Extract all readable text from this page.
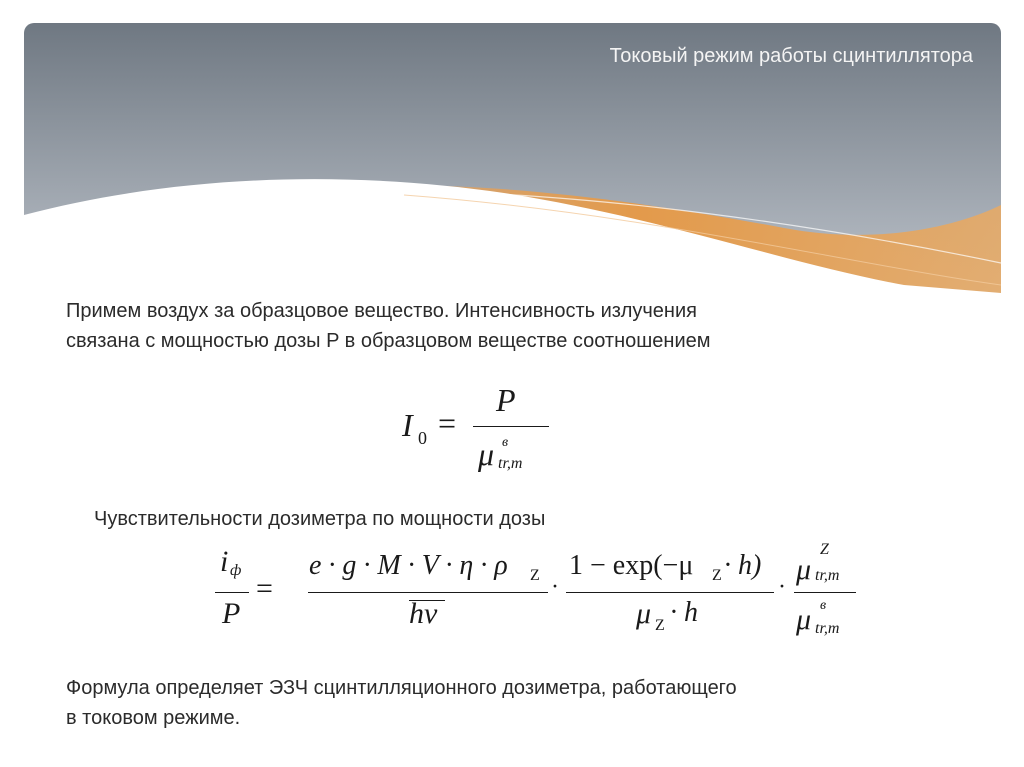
Токовый режим работы сцинтиллятора
Примем воздух за образцовое вещество. Интенсивность излучения
связана с мощностью дозы P в образцовом веществе соотношением
I 0 =
P
μ в
tr,m
Чувствительности дозиметра по мощности дозы
i ф
P
=
e · g · M · V · η · ρ Z
hν
·
1 − exp(−μ Z · h)
μ Z · h
·
μ
Z
tr,m
μ в
tr,m
Формула определяет ЭЗЧ сцинтилляционного дозиметра, работающего
в токовом режиме.
